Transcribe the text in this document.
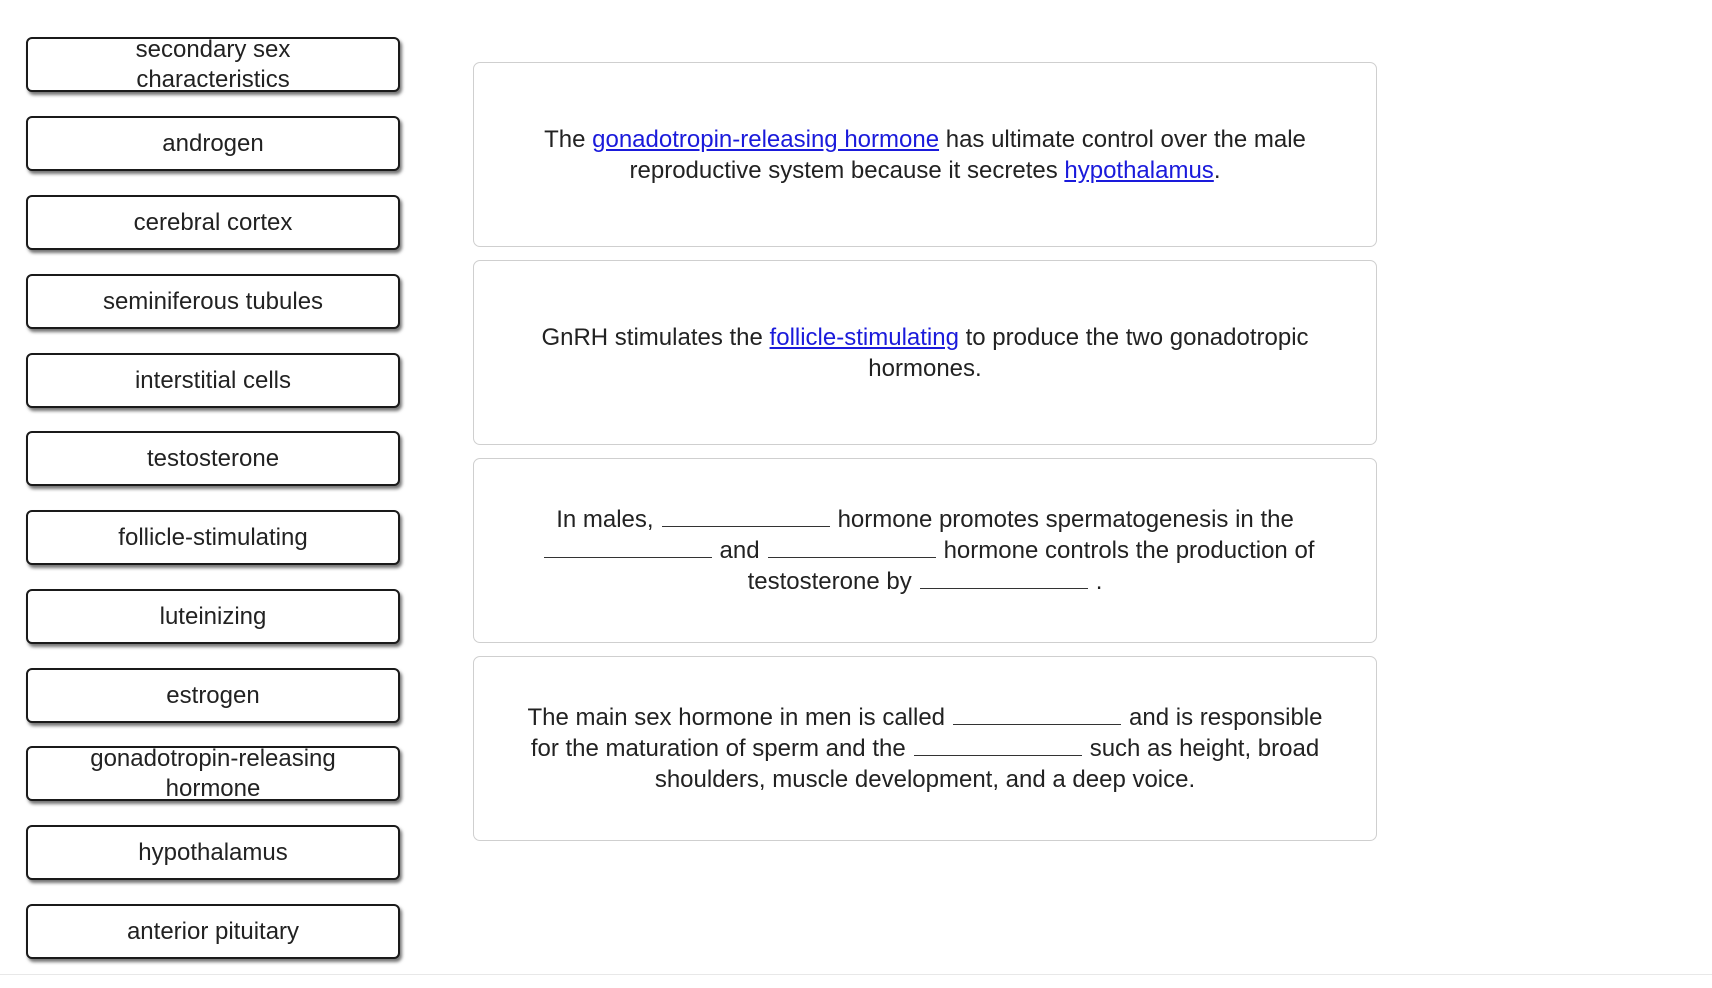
secondary sex characteristics
androgen
cerebral cortex
seminiferous tubules
interstitial cells
testosterone
follicle-stimulating
luteinizing
estrogen
gonadotropin-releasing hormone
hypothalamus
anterior pituitary
The gonadotropin-releasing hormone has ultimate control over the male reproductive system because it secretes hypothalamus.
GnRH stimulates the follicle-stimulating to produce the two gonadotropic hormones.
In males,	hormone promotes spermatogenesis in the and	hormone controls the production of testosterone by	.
The main sex hormone in men is called	and is responsible for the maturation of sperm and the	such as height, broad shoulders, muscle development, and a deep voice.
